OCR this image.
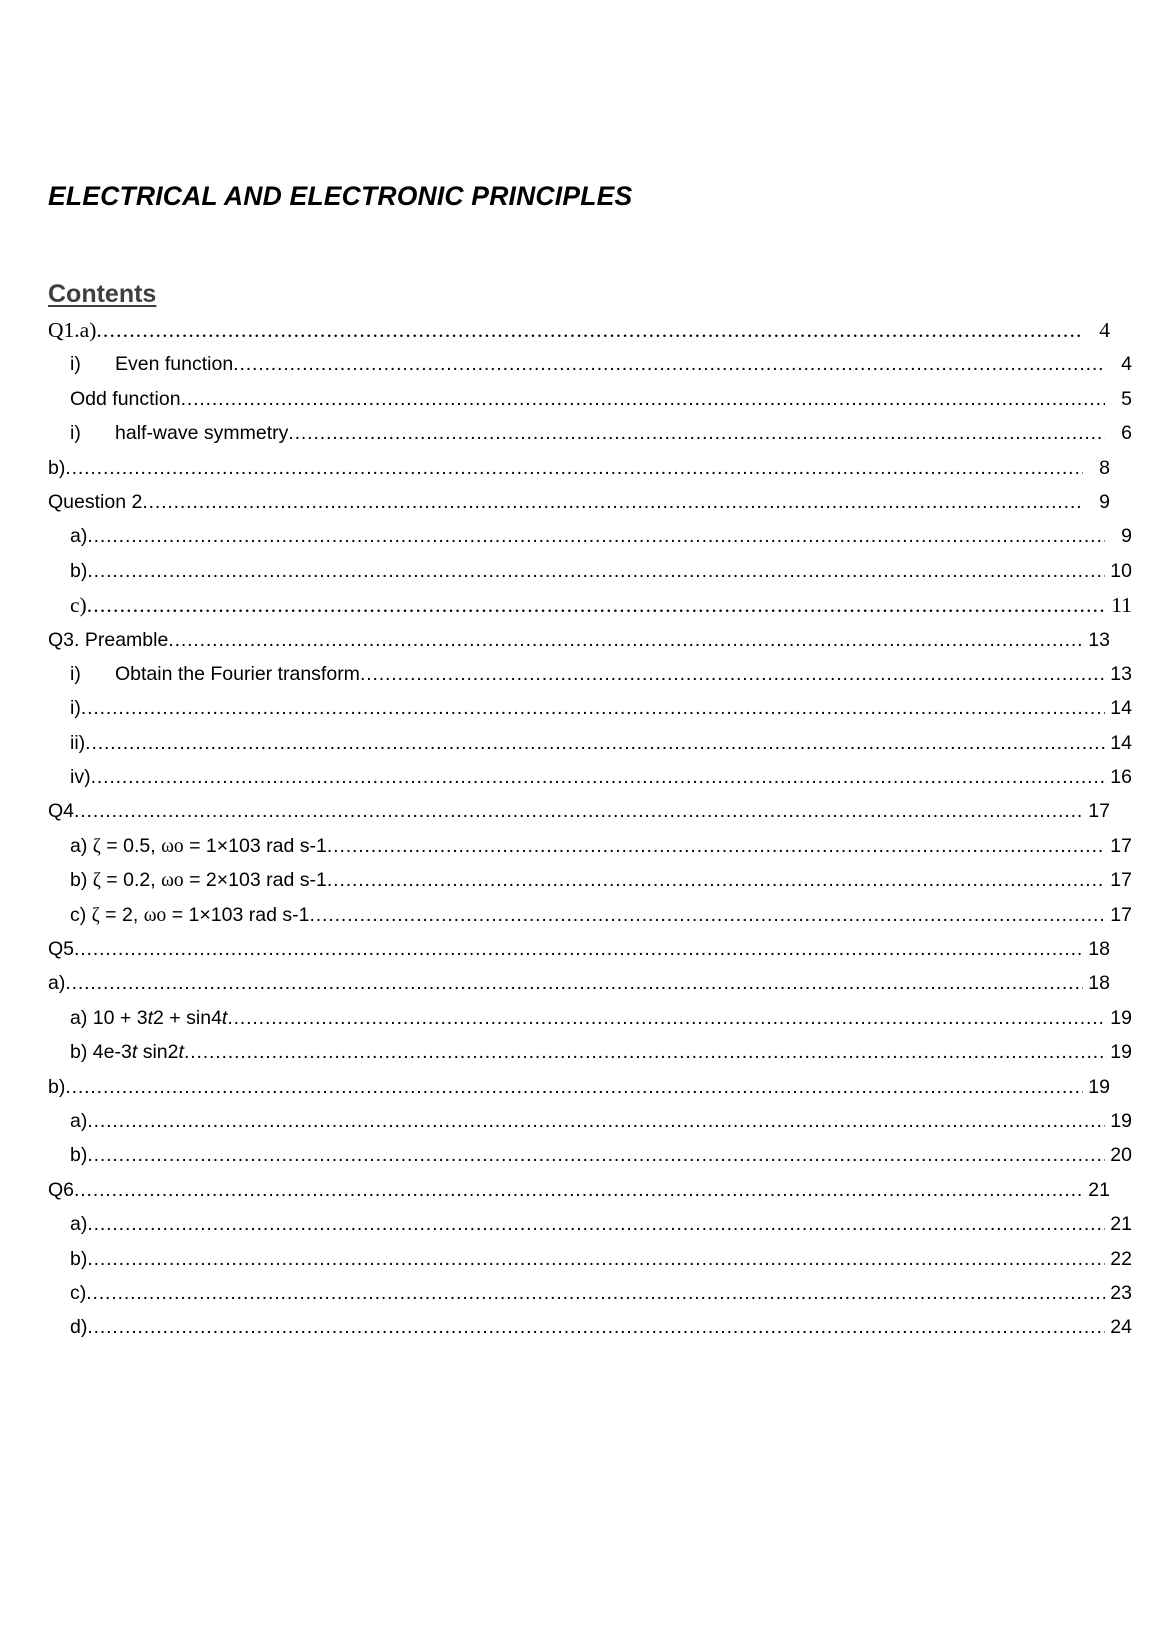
ELECTRICAL AND ELECTRONIC PRINCIPLES
Contents
Q1.a) .....	4
i)	Even function .....	4
Odd function .....	5
i)	half-wave symmetry .....	6
b) .....	8
Question 2 .....	9
a) .....	9
b) .....	10
c) .....	11
Q3. Preamble .....	13
i)	Obtain the Fourier transform .....	13
i) .....	14
ii) .....	14
iv) .....	16
Q4 .....	17
a) ζ = 0.5, ωo = 1×103 rad s-1 .....	17
b) ζ = 0.2, ωo = 2×103 rad s-1 .....	17
c) ζ = 2, ωo = 1×103 rad s-1 .....	17
Q5 .....	18
a) .....	18
a) 10 + 3t2 + sin4t .....	19
b) 4e-3t sin2t .....	19
b) .....	19
a) .....	19
b) .....	20
Q6 .....	21
a) .....	21
b) .....	22
c) .....	23
d) .....	24
